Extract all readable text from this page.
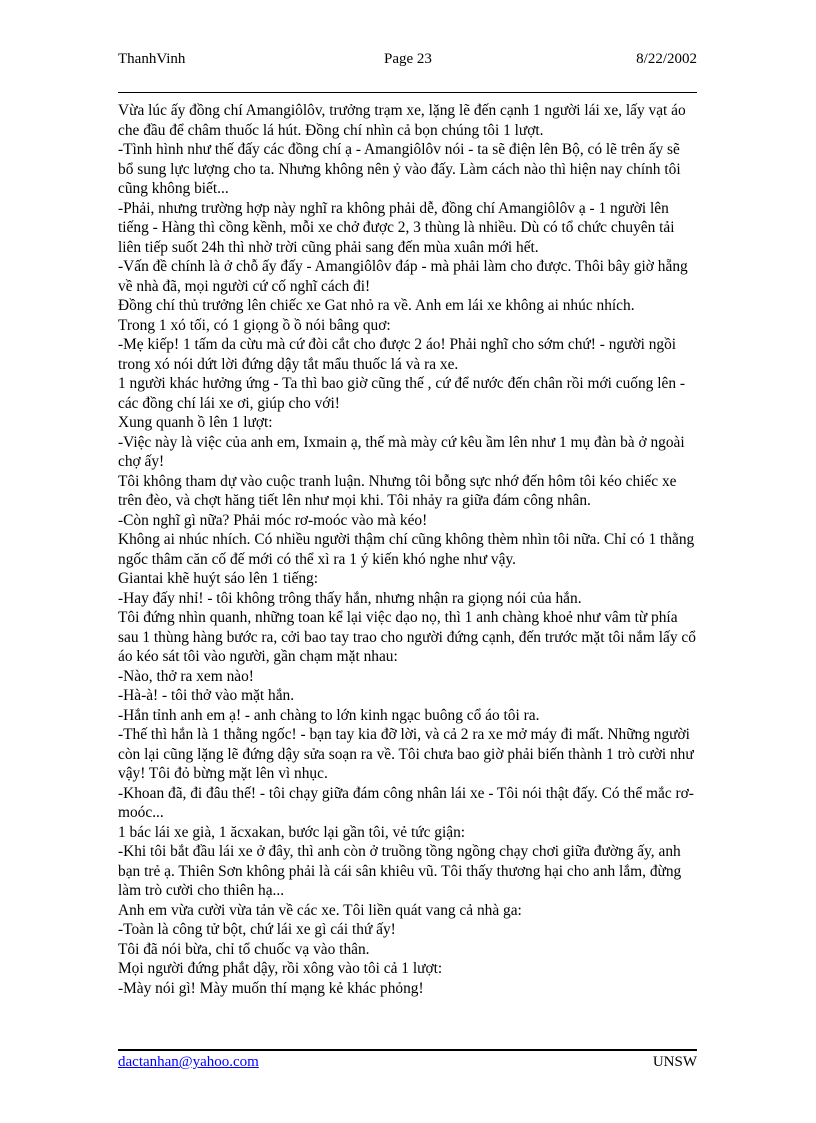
ThanhVinh	Page 23	8/22/2002

Vừa lúc ấy đồng chí Amangiôlôv, trưởng trạm xe, lặng lẽ đến cạnh 1 người lái xe, lấy vạt áo che đầu để châm thuốc lá hút. Đồng chí nhìn cả bọn chúng tôi 1 lượt.

-Tình hình như thế đấy các đồng chí ạ - Amangiôlôv nói - ta sẽ điện lên Bộ, có lẽ trên ấy sẽ bổ sung lực lượng cho ta. Nhưng không nên ỷ vào đấy. Làm cách nào thì hiện nay chính tôi cũng không biết...

-Phải, nhưng trường hợp này nghĩ ra không phải dễ, đồng chí Amangiôlôv ạ - 1 người lên tiếng - Hàng thì cồng kềnh, mỗi xe chở được 2, 3 thùng là nhiều. Dù có tổ chức chuyên tải liên tiếp suốt 24h thì nhờ trời cũng phải sang đến mùa xuân mới hết.

-Vấn đề chính là ở chỗ ấy đấy - Amangiôlôv đáp - mà phải làm cho được. Thôi bây giờ hẵng về nhà đã, mọi người cứ cố nghĩ cách đi!

Đồng chí thủ trưởng lên chiếc xe Gat nhỏ ra về. Anh em lái xe không ai nhúc nhích.

Trong 1 xó tối, có 1 giọng ồ ồ nói bâng quơ:

-Mẹ kiếp! 1 tấm da cừu mà cứ đòi cắt cho được 2 áo! Phải nghĩ cho sớm chứ! - người ngồi trong xó nói dứt lời đứng dậy tắt mẩu thuốc lá và ra xe.

1 người khác hưởng ứng - Ta thì bao giờ cũng thế , cứ để nước đến chân rồi mới cuống lên - các đồng chí lái xe ơi, giúp cho với!

Xung quanh ồ lên 1 lượt:

-Việc này là việc của anh em, Ixmain ạ, thế mà mày cứ kêu ầm lên như 1 mụ đàn bà ở ngoài chợ ấy!

Tôi không tham dự vào cuộc tranh luận. Nhưng tôi bỗng sực nhớ đến hôm tôi kéo chiếc xe trên đèo, và chợt hăng tiết lên như mọi khi. Tôi nhảy ra giữa đám công nhân.

-Còn nghĩ gì nữa? Phải móc rơ-moóc vào mà kéo!

Không ai nhúc nhích. Có nhiều người thậm chí cũng không thèm nhìn tôi nữa. Chỉ có 1 thằng ngốc thâm căn cố đế mới có thể xì ra 1 ý kiến khó nghe như vậy.

Giantai khẽ huýt sáo lên 1 tiếng:

-Hay đấy nhỉ! - tôi không trông thấy hắn, nhưng nhận ra giọng nói của hắn.

Tôi đứng nhìn quanh, những toan kể lại việc dạo nọ, thì 1 anh chàng khoẻ như vâm từ phía sau 1 thùng hàng bước ra, cởi bao tay trao cho người đứng cạnh, đến trước mặt tôi nắm lấy cổ áo kéo sát tôi vào người, gần chạm mặt nhau:

-Nào, thở ra xem nào!

-Hà-à! - tôi thở vào mặt hắn.

-Hắn tỉnh anh em ạ! - anh chàng to lớn kinh ngạc buông cổ áo tôi ra.

-Thế thì hắn là 1 thằng ngốc! - bạn tay kia đỡ lời, và cả 2 ra xe mở máy đi mất. Những người còn lại cũng lặng lẽ đứng dậy sửa soạn ra về. Tôi chưa bao giờ phải biến thành 1 trò cười như vậy! Tôi đỏ bừng mặt lên vì nhục.

-Khoan đã, đi đâu thế! - tôi chạy giữa đám công nhân lái xe - Tôi nói thật đấy. Có thể mắc rơ-moóc...

1 bác lái xe già, 1 ăcxakan, bước lại gần tôi, vẻ tức giận:

-Khi tôi bắt đầu lái xe ở đây, thì anh còn ở truồng tồng ngồng chạy chơi giữa đường ấy, anh bạn trẻ ạ. Thiên Sơn không phải là cái sân khiêu vũ. Tôi thấy thương hại cho anh lắm, đừng làm trò cười cho thiên hạ...

Anh em vừa cười vừa tản về các xe. Tôi liền quát vang cả nhà ga:

-Toàn là công tử bột, chứ lái xe gì cái thứ ấy!

Tôi đã nói bừa, chỉ tổ chuốc vạ vào thân.

Mọi người đứng phắt dậy, rồi xông vào tôi cả 1 lượt:

-Mày nói gì! Mày muốn thí mạng kẻ khác phỏng!

dactanhan@yahoo.com	UNSW
